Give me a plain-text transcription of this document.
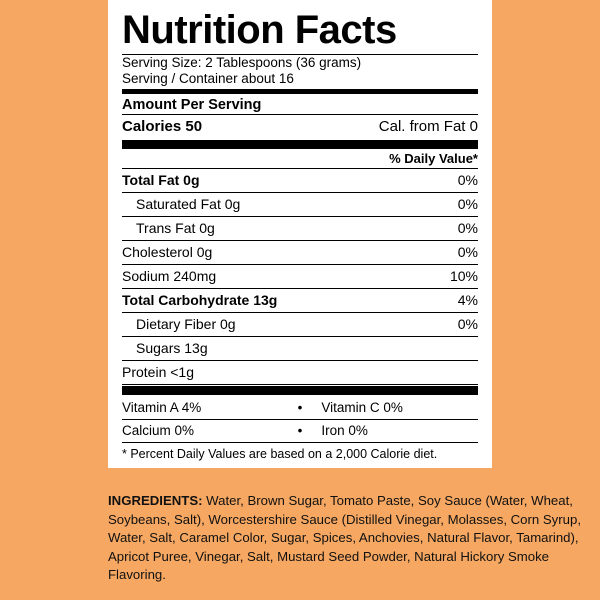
Nutrition Facts
Serving Size: 2 Tablespoons (36 grams)
Serving / Container about 16
Amount Per Serving
Calories 50	Cal. from Fat 0
% Daily Value*
Total Fat 0g	0%
Saturated Fat 0g	0%
Trans Fat 0g	0%
Cholesterol 0g	0%
Sodium 240mg	10%
Total Carbohydrate 13g	4%
Dietary Fiber 0g	0%
Sugars 13g
Protein <1g
Vitamin A 4%	•	Vitamin C 0%
Calcium 0%	•	Iron 0%
* Percent Daily Values are based on a 2,000 Calorie diet.
INGREDIENTS: Water, Brown Sugar, Tomato Paste, Soy Sauce (Water, Wheat, Soybeans, Salt), Worcestershire Sauce (Distilled Vinegar, Molasses, Corn Syrup, Water, Salt, Caramel Color, Sugar, Spices, Anchovies, Natural Flavor, Tamarind), Apricot Puree, Vinegar, Salt, Mustard Seed Powder, Natural Hickory Smoke Flavoring.
